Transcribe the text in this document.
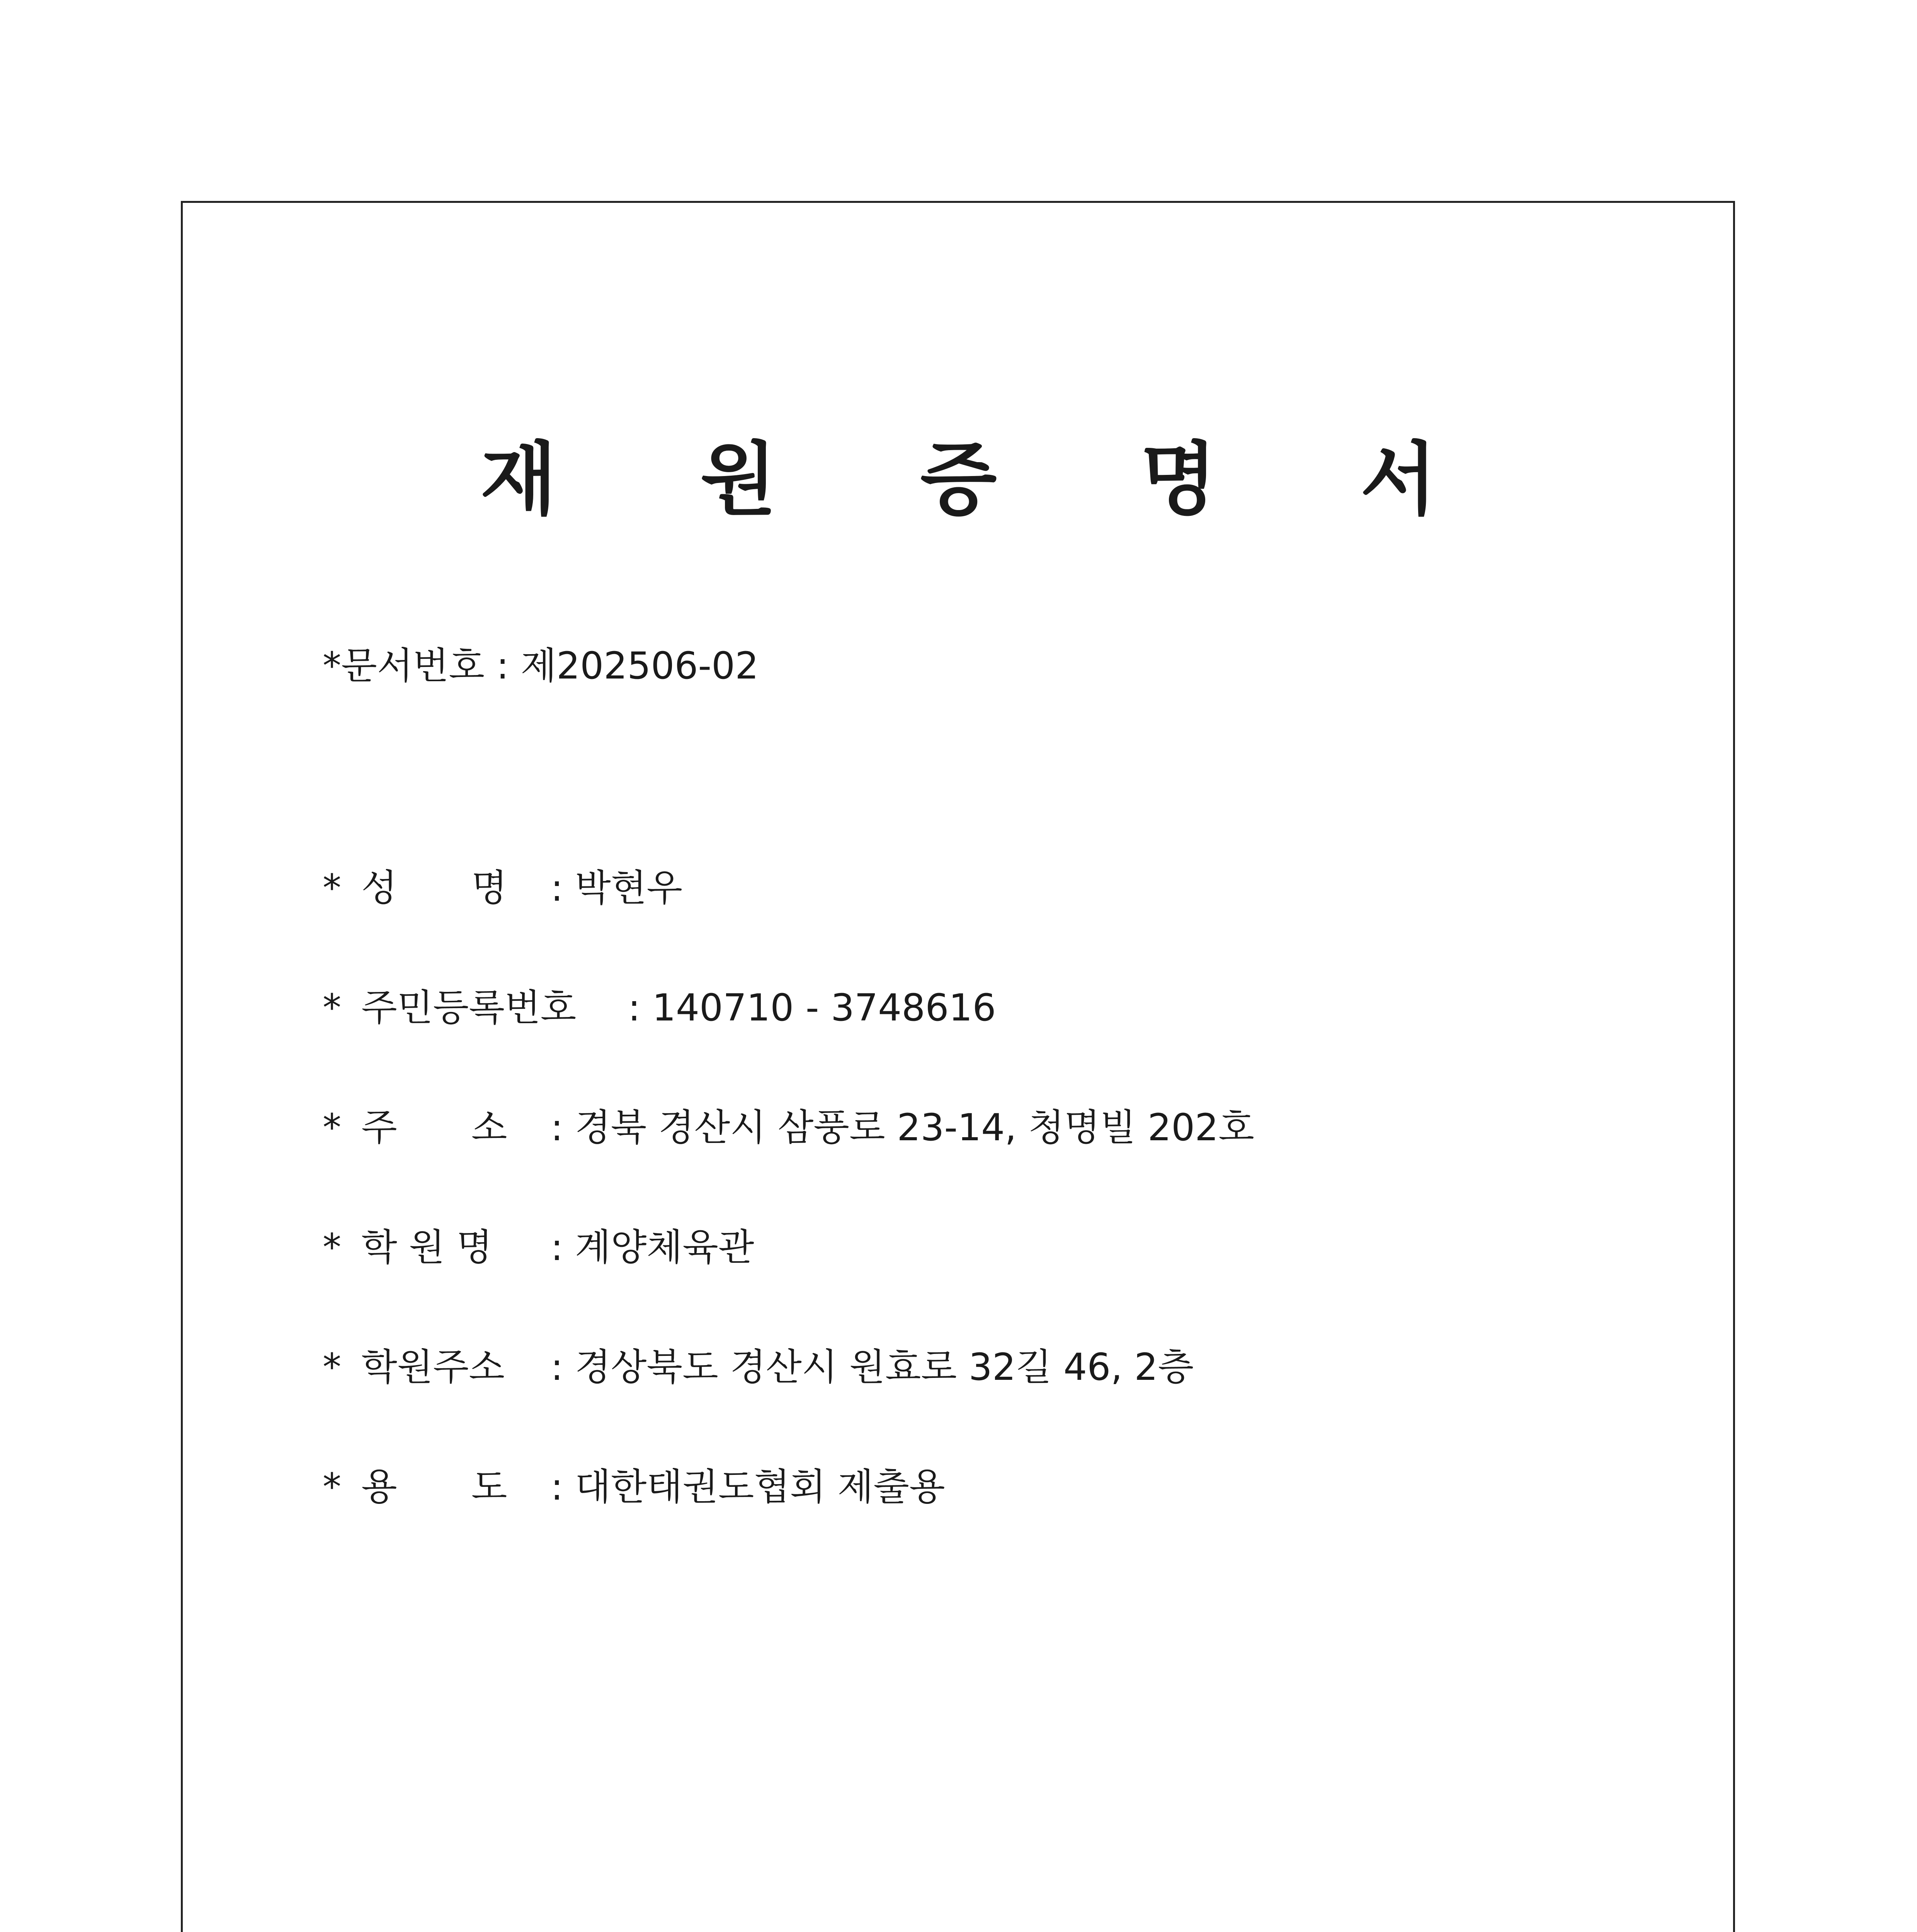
재 원 증 명 서
*문서번호 : 제202506-02
* 성　　명 : 박현우
* 주민등록번호 : 140710 - 3748616
* 주　　소 : 경북 경산시 삼풍로 23-14, 청명빌 202호
* 학 원 명 : 계양체육관
* 학원주소 : 경상북도 경산시 원효로 32길 46, 2층
* 용　　도 : 대한태권도협회 제출용
